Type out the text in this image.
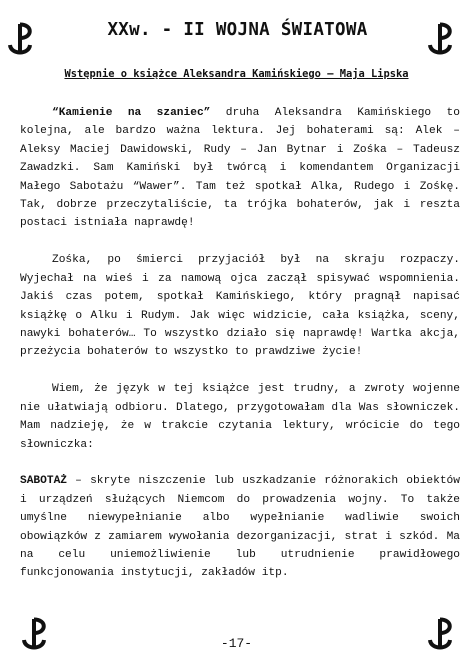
XXw. - II WOJNA ŚWIATOWA
Wstępnie o książce Aleksandra Kamińskiego – Maja Lipska

“Kamienie na szaniec” druha Aleksandra Kamińskiego to kolejna, ale bardzo ważna lektura. Jej bohaterami są: Alek – Aleksy Maciej Dawidowski, Rudy – Jan Bytnar i Zośka – Tadeusz Zawadzki. Sam Kamiński był twórcą i komendantem Organizacji Małego Sabotażu “Wawer”. Tam też spotkał Alka, Rudego i Zośkę. Tak, dobrze przeczytaliście, ta trójka bohaterów, jak i reszta postaci istniała naprawdę!

Zośka, po śmierci przyjaciół był na skraju rozpaczy. Wyjechał na wieś i za namową ojca zaczął spisywać wspomnienia. Jakiś czas potem, spotkał Kamińskiego, który pragnął napisać książkę o Alku i Rudym. Jak więc widzicie, cała książka, sceny, nawyki bohaterów… To wszystko działo się naprawdę! Wartka akcja, przeżycia bohaterów to wszystko to prawdziwe życie!

Wiem, że język w tej książce jest trudny, a zwroty wojenne nie ułatwiają odbioru. Dlatego, przygotowałam dla Was słowniczek. Mam nadzieję, że w trakcie czytania lektury, wrócicie do tego słowniczka:

SABOTAŻ – skryte niszczenie lub uszkadzanie różnorakich obiektów i urządzeń służących Niemcom do prowadzenia wojny. To także umyślne niewypełnianie albo wypełnianie wadliwie swoich obowiązków z zamiarem wywołania dezorganizacji, strat i szkód. Ma na celu uniemożliwienie lub utrudnienie prawidłowego funkcjonowania instytucji, zakładów itp.

-17-
